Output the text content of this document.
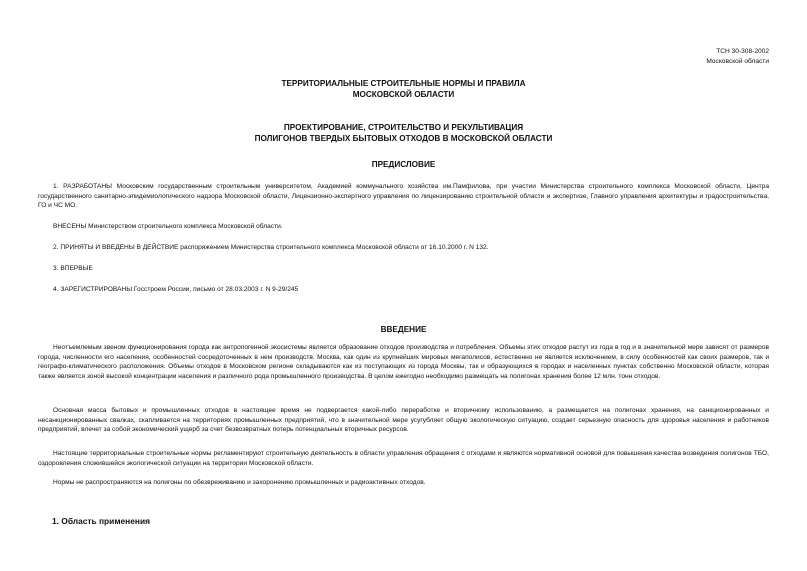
ТСН 30-308-2002
Московской области
ТЕРРИТОРИАЛЬНЫЕ СТРОИТЕЛЬНЫЕ НОРМЫ И ПРАВИЛА
МОСКОВСКОЙ ОБЛАСТИ
ПРОЕКТИРОВАНИЕ, СТРОИТЕЛЬСТВО И РЕКУЛЬТИВАЦИЯ
ПОЛИГОНОВ ТВЕРДЫХ БЫТОВЫХ ОТХОДОВ В МОСКОВСКОЙ ОБЛАСТИ
ПРЕДИСЛОВИЕ
1. РАЗРАБОТАНЫ Московским государственным строительным университетом, Академией коммунального хозяйства им.Памфилова, при участии Министерства строительного комплекса Московской области, Центра государственного санитарно-эпидемиологического надзора Московской области, Лицензионно-экспертного управления по лицензированию строительной области и экспертизе, Главного управления архитектуры и градостроительства, ГО и ЧС МО.
ВНЕСЕНЫ Министерством строительного комплекса Московской области.
2. ПРИНЯТЫ И ВВЕДЕНЫ В ДЕЙСТВИЕ распоряжением Министерства строительного комплекса Московской области от 16.10.2000 г. N 132.
3. ВПЕРВЫЕ
4. ЗАРЕГИСТРИРОВАНЫ Госстроем России, письмо от 28.03.2003 г. N 9-29/245
ВВЕДЕНИЕ
Неотъемлемым звеном функционирования города как антропогенной экосистемы является образование отходов производства и потребления. Объемы этих отходов растут из года в год и в значительной мере зависят от размеров города, численности его населения, особенностей сосредоточенных в нем производств. Москва, как один из крупнейших мировых мегаполисов, естественно не является исключением, в силу особенностей как своих размеров, так и географо-климатического расположения. Объемы отходов в Московском регионе складываются как из поступающих из города Москвы, так и образующихся в городах и населенных пунктах собственно Московской области, которая также является зоной высокой концентрации населения и различного рода промышленного производства. В целом ежегодно необходимо размещать на полигонах хранения более 12 млн. тонн отходов.
Основная масса бытовых и промышленных отходов в настоящее время не подвергается какой-либо переработке и вторичному использованию, а размещается на полигонах хранения, на санкционированных и несанкционированных свалках, скапливается на территориях промышленных предприятий, что в значительной мере усугубляет общую экологическую ситуацию, создает серьезную опасность для здоровья населения и работников предприятий, влечет за собой экономический ущерб за счет безвозвратных потерь потенциальных вторичных ресурсов.
Настоящие территориальные строительные нормы регламентируют строительную деятельность в области управления обращения с отходами и являются нормативной основой для повышения качества возведения полигонов ТБО, оздоровления сложившейся экологической ситуации на территории Московской области.
Нормы не распространяются на полигоны по обезвреживанию и захоронению промышленных и радиоактивных отходов.
1. Область применения
